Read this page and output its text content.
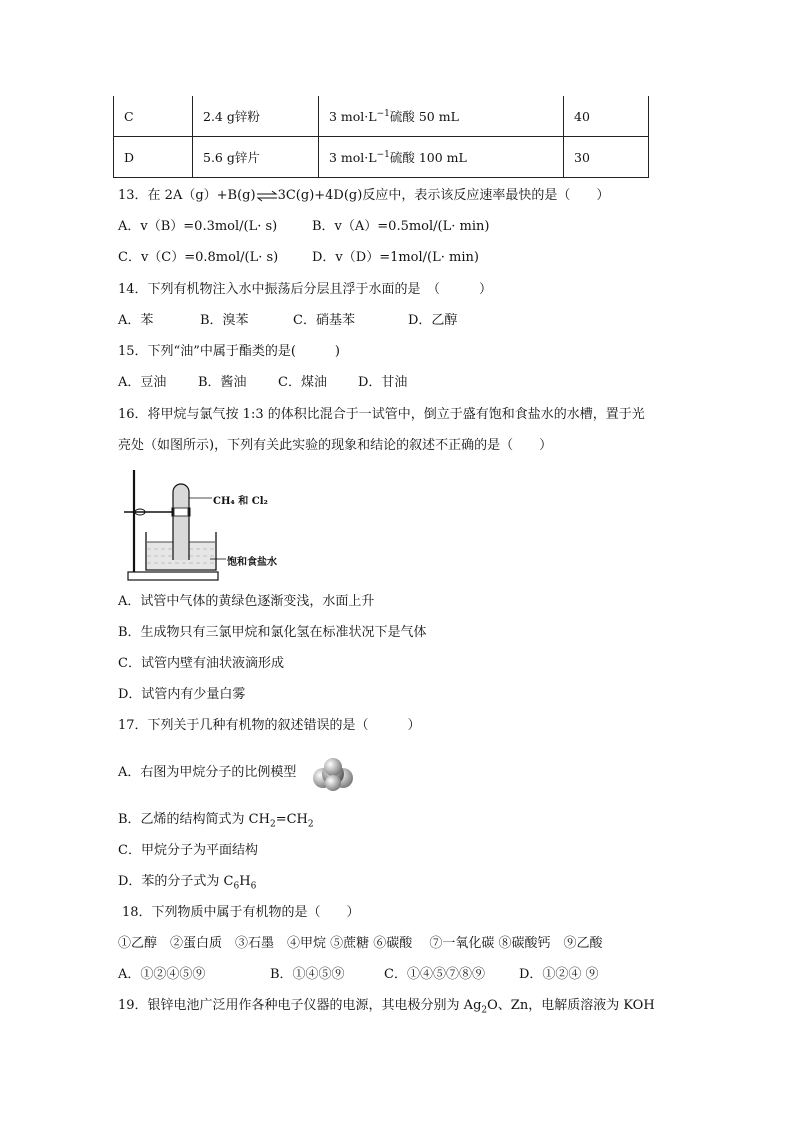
C	2.4 g锌粉	3 $mol\cdot L^{-1}$硫酸 50 mL	40
D	5.6 g锌片	3 $mol\cdot L^{-1}$硫酸 100 mL	30
13．在 2A（g）+B(g)⇌3C(g)+4D(g)反应中，表示该反应速率最快的是（　　）
A．v（B）=0.3mol/(L· s)	B．v（A）=0.5mol/(L· min)
C．v（C）=0.8mol/(L· s)	D．v（D）=1mol/(L· min)
14．下列有机物注入水中振荡后分层且浮于水面的是　（　　　）
A．苯	B．溴苯	C．硝基苯	D．乙醇
15．下列“油”中属于酯类的是(　　　)
A．豆油 B．酱油 C．煤油 D．甘油
16．将甲烷与氯气按 1:3 的体积比混合于一试管中，倒立于盛有饱和食盐水的水槽，置于光
亮处（如图所示)，下列有关此实验的现象和结论的叙述不正确的是（　　）
CH₄ 和 Cl₂
饱和食盐水
A．试管中气体的黄绿色逐渐变浅，水面上升
B．生成物只有三氯甲烷和氯化氢在标准状况下是气体
C．试管内壁有油状液滴形成
D．试管内有少量白雾
17．下列关于几种有机物的叙述错误的是（　　　）
A．右图为甲烷分子的比例模型
B．乙烯的结构简式为 $CH_2=CH_2$
C．甲烷分子为平面结构
D．苯的分子式为 $C_6H_6$
18．下列物质中属于有机物的是（　　）
①乙醇　②蛋白质　③石墨　④甲烷 ⑤蔗糖 ⑥碳酸　 ⑦一氧化碳 ⑧碳酸钙　⑨乙酸
A．①②④⑤⑨	B．①④⑤⑨	C．①④⑤⑦⑧⑨	D．①②④ ⑨
19．银锌电池广泛用作各种电子仪器的电源，其电极分别为 $Ag_2O$、Zn，电解质溶液为 KOH
